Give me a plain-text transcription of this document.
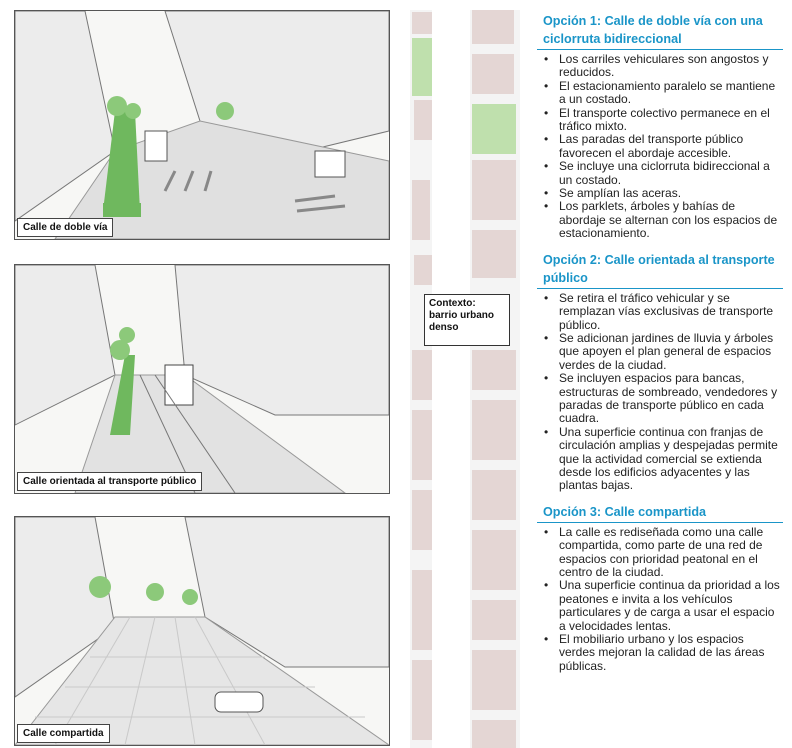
Calle de doble vía
Calle orientada al transporte público
Calle compartida
Contexto:
barrio urbano
denso
Opción 1: Calle de doble vía con una ciclorruta bidireccional
• Los carriles vehiculares son angostos y reducidos.
• El estacionamiento paralelo se mantiene a un costado.
• El transporte colectivo permanece en el tráfico mixto.
• Las paradas del transporte público favorecen el abordaje accesible.
• Se incluye una ciclorruta bidireccional a un costado.
• Se amplían las aceras.
• Los parklets, árboles y bahías de abordaje se alternan con los espacios de estacionamiento.
Opción 2: Calle orientada al transporte público
• Se retira el tráfico vehicular y se remplazan vías exclusivas de transporte público.
• Se adicionan jardines de lluvia y árboles que apoyen el plan general de espacios verdes de la ciudad.
• Se incluyen espacios para bancas, estructuras de sombreado, vendedores y paradas de transporte público en cada cuadra.
• Una superficie continua con franjas de circulación amplias y despejadas permite que la actividad comercial se extienda desde los edificios adyacentes y las plantas bajas.
Opción 3: Calle compartida
• La calle es rediseñada como una calle compartida, como parte de una red de espacios con prioridad peatonal en el centro de la ciudad.
• Una superficie continua da prioridad a los peatones e invita a los vehículos particulares y de carga a usar el espacio a velocidades lentas.
• El mobiliario urbano y los espacios verdes mejoran la calidad de las áreas públicas.
